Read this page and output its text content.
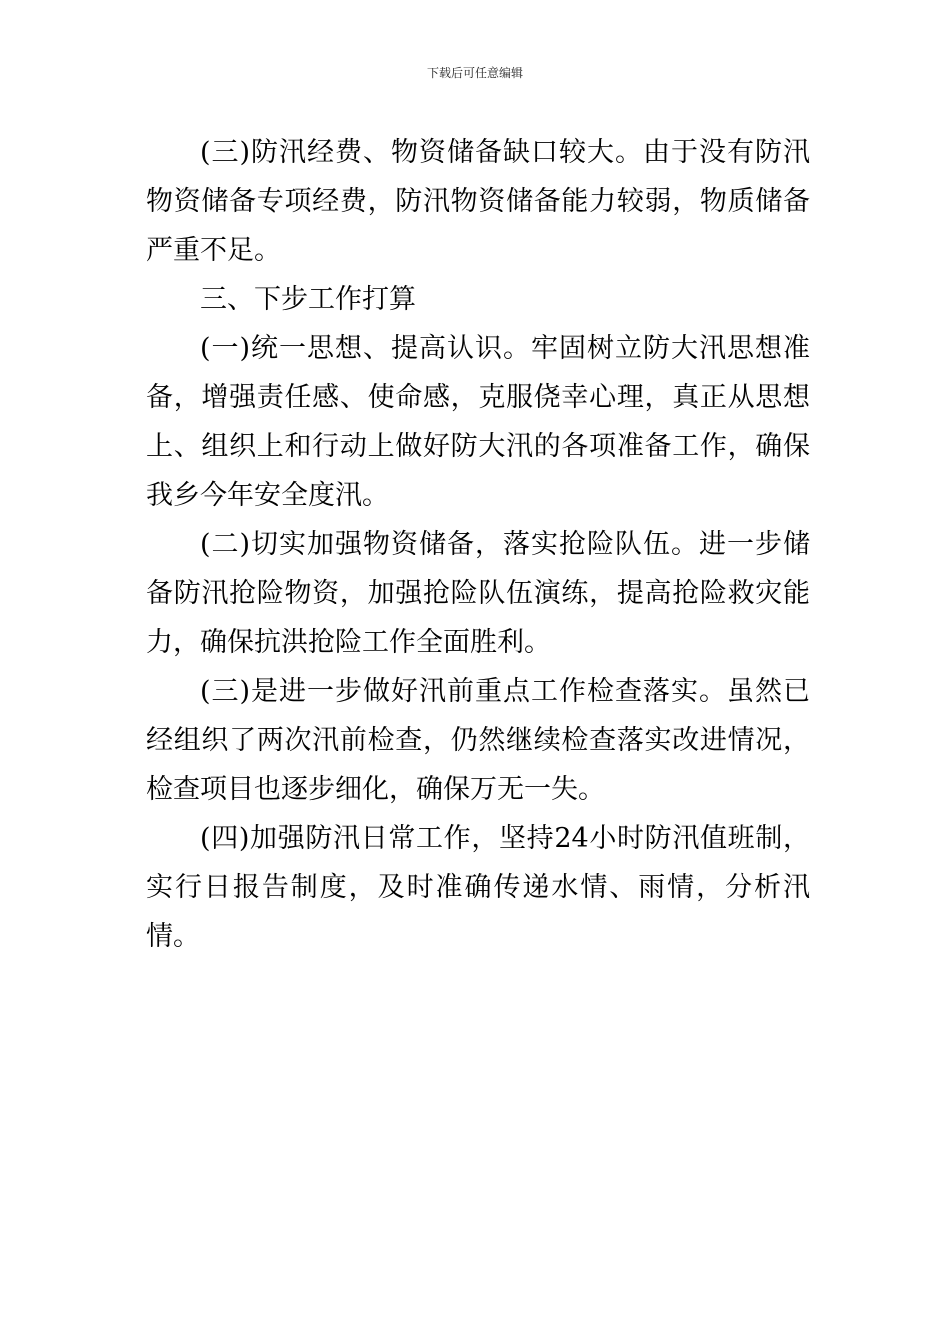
下载后可任意编辑

(三)防汛经费、物资储备缺口较大。由于没有防汛物资储备专项经费，防汛物资储备能力较弱，物质储备严重不足。

三、下步工作打算

(一)统一思想、提高认识。牢固树立防大汛思想准备，增强责任感、使命感，克服侥幸心理，真正从思想上、组织上和行动上做好防大汛的各项准备工作，确保我乡今年安全度汛。

(二)切实加强物资储备，落实抢险队伍。进一步储备防汛抢险物资，加强抢险队伍演练，提高抢险救灾能力，确保抗洪抢险工作全面胜利。

(三)是进一步做好汛前重点工作检查落实。虽然已经组织了两次汛前检查，仍然继续检查落实改进情况，检查项目也逐步细化，确保万无一失。

(四)加强防汛日常工作，坚持24小时防汛值班制，实行日报告制度，及时准确传递水情、雨情，分析汛情。
